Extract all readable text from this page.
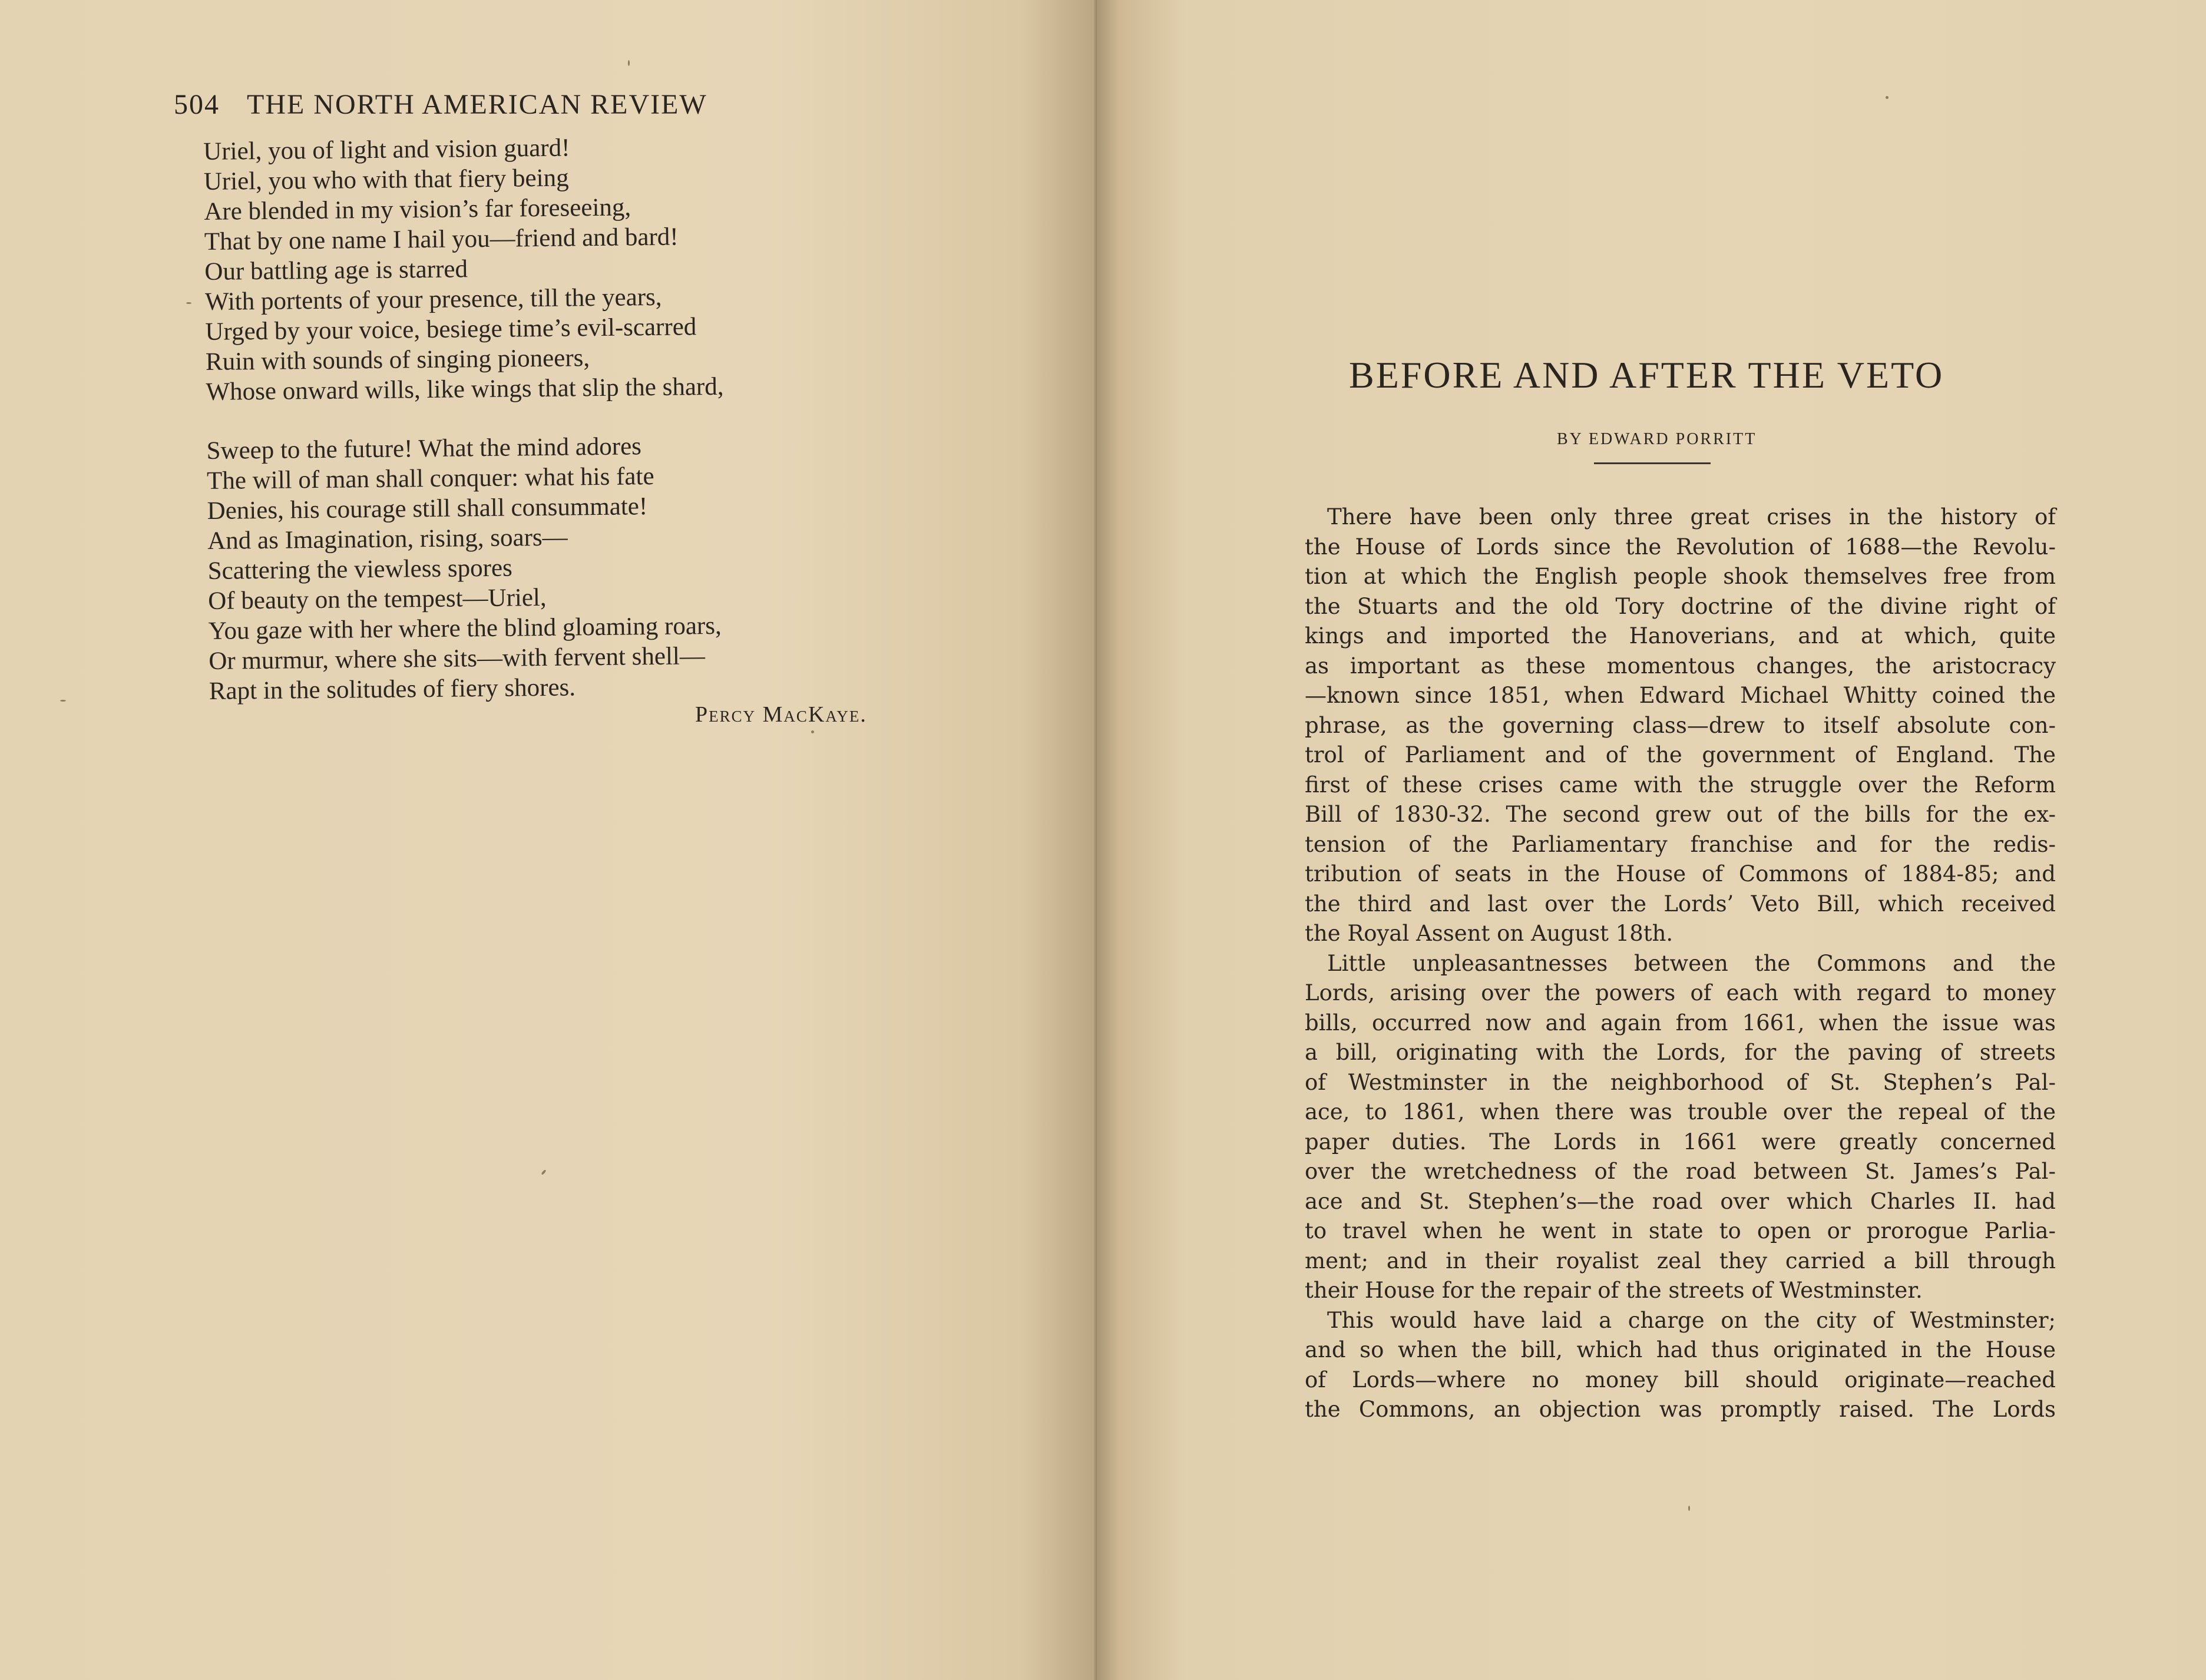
504 THE NORTH AMERICAN REVIEW
Uriel, you of light and vision guard!
Uriel, you who with that fiery being
Are blended in my vision’s far foreseeing,
That by one name I hail you—friend and bard!
Our battling age is starred
With portents of your presence, till the years,
Urged by your voice, besiege time’s evil-scarred
Ruin with sounds of singing pioneers,
Whose onward wills, like wings that slip the shard,
Sweep to the future! What the mind adores
The will of man shall conquer: what his fate
Denies, his courage still shall consummate!
And as Imagination, rising, soars—
Scattering the viewless spores
Of beauty on the tempest—Uriel,
You gaze with her where the blind gloaming roars,
Or murmur, where she sits—with fervent shell—
Rapt in the solitudes of fiery shores.
Percy MacKaye.
BEFORE AND AFTER THE VETO
BY EDWARD PORRITT
There have been only three great crises in the history of
the House of Lords since the Revolution of 1688—the Revolu-
tion at which the English people shook themselves free from
the Stuarts and the old Tory doctrine of the divine right of
kings and imported the Hanoverians, and at which, quite
as important as these momentous changes, the aristocracy
—known since 1851, when Edward Michael Whitty coined the
phrase, as the governing class—drew to itself absolute con-
trol of Parliament and of the government of England. The
first of these crises came with the struggle over the Reform
Bill of 1830-32. The second grew out of the bills for the ex-
tension of the Parliamentary franchise and for the redis-
tribution of seats in the House of Commons of 1884-85; and
the third and last over the Lords’ Veto Bill, which received
the Royal Assent on August 18th.
Little unpleasantnesses between the Commons and the
Lords, arising over the powers of each with regard to money
bills, occurred now and again from 1661, when the issue was
a bill, originating with the Lords, for the paving of streets
of Westminster in the neighborhood of St. Stephen’s Pal-
ace, to 1861, when there was trouble over the repeal of the
paper duties. The Lords in 1661 were greatly concerned
over the wretchedness of the road between St. James’s Pal-
ace and St. Stephen’s—the road over which Charles II. had
to travel when he went in state to open or prorogue Parlia-
ment; and in their royalist zeal they carried a bill through
their House for the repair of the streets of Westminster.
This would have laid a charge on the city of Westminster;
and so when the bill, which had thus originated in the House
of Lords—where no money bill should originate—reached
the Commons, an objection was promptly raised. The Lords
